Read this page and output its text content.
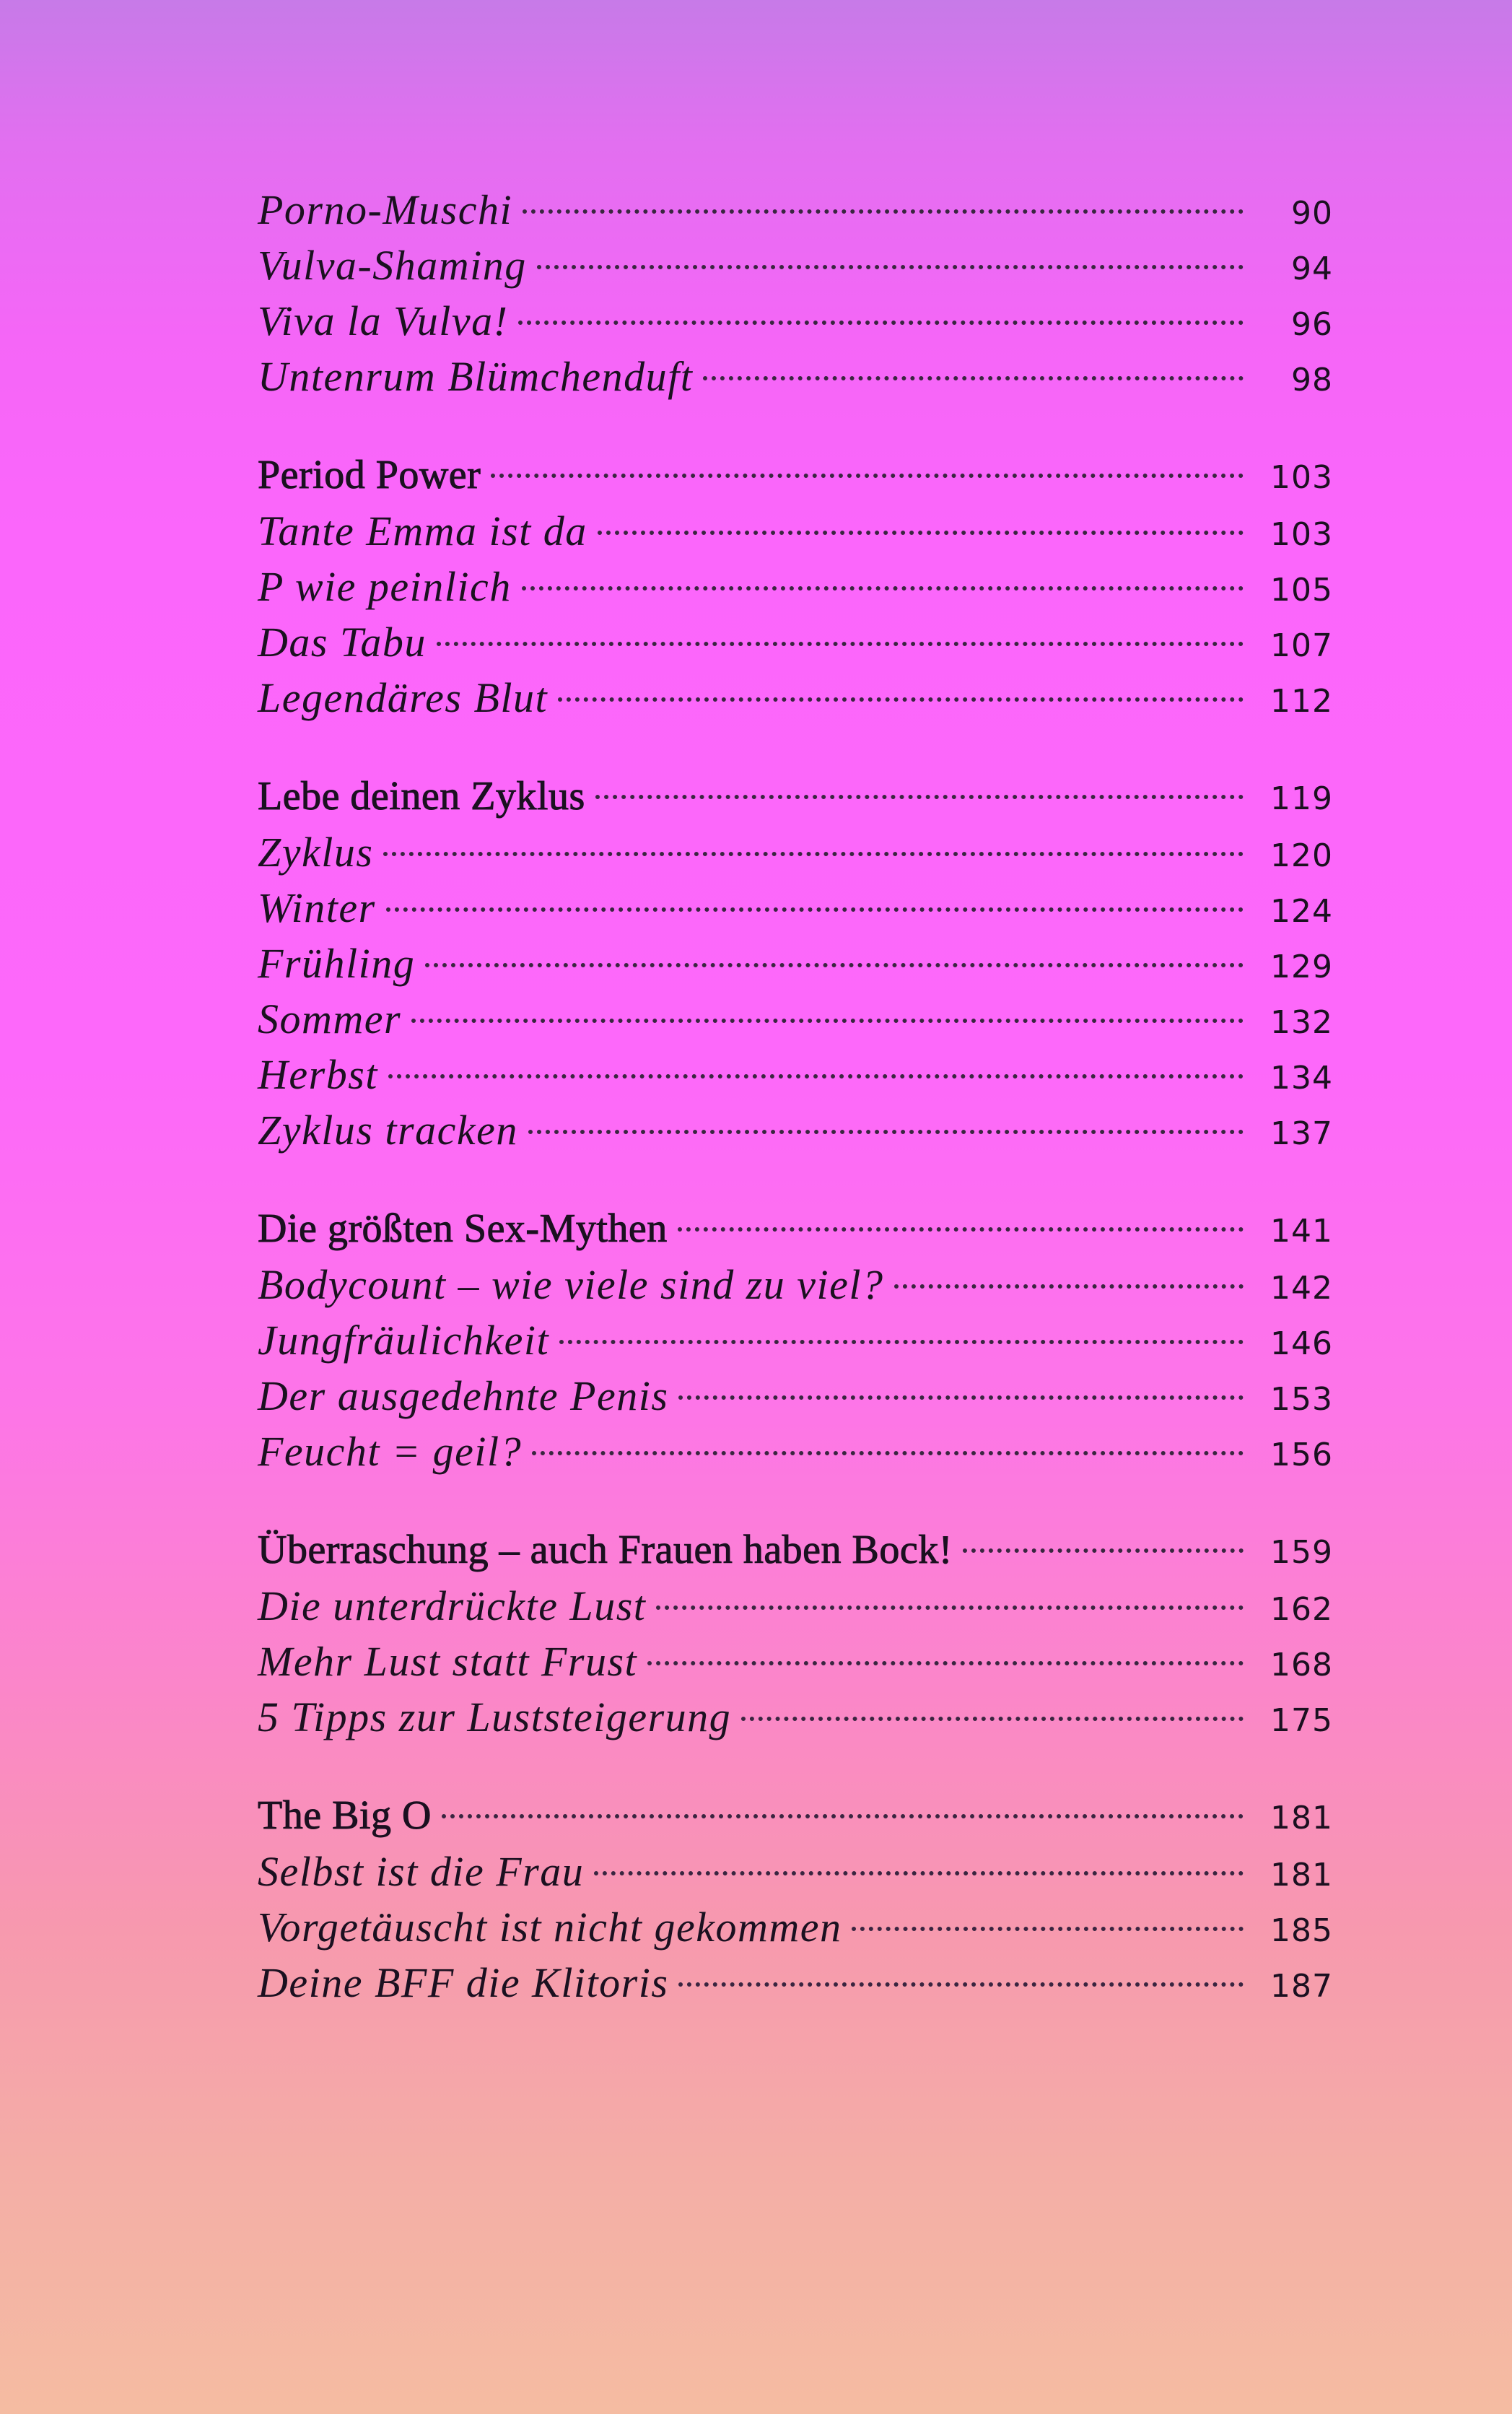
Porno-Muschi	90
Vulva-Shaming	94
Viva la Vulva!	96
Untenrum Blümchenduft	98
Period Power	103
Tante Emma ist da	103
P wie peinlich	105
Das Tabu	107
Legendäres Blut	112
Lebe deinen Zyklus	119
Zyklus	120
Winter	124
Frühling	129
Sommer	132
Herbst	134
Zyklus tracken	137
Die größten Sex-Mythen	141
Bodycount – wie viele sind zu viel?	142
Jungfräulichkeit	146
Der ausgedehnte Penis	153
Feucht = geil?	156
Überraschung – auch Frauen haben Bock!	159
Die unterdrückte Lust	162
Mehr Lust statt Frust	168
5 Tipps zur Luststeigerung	175
The Big O	181
Selbst ist die Frau	181
Vorgetäuscht ist nicht gekommen	185
Deine BFF die Klitoris	187
